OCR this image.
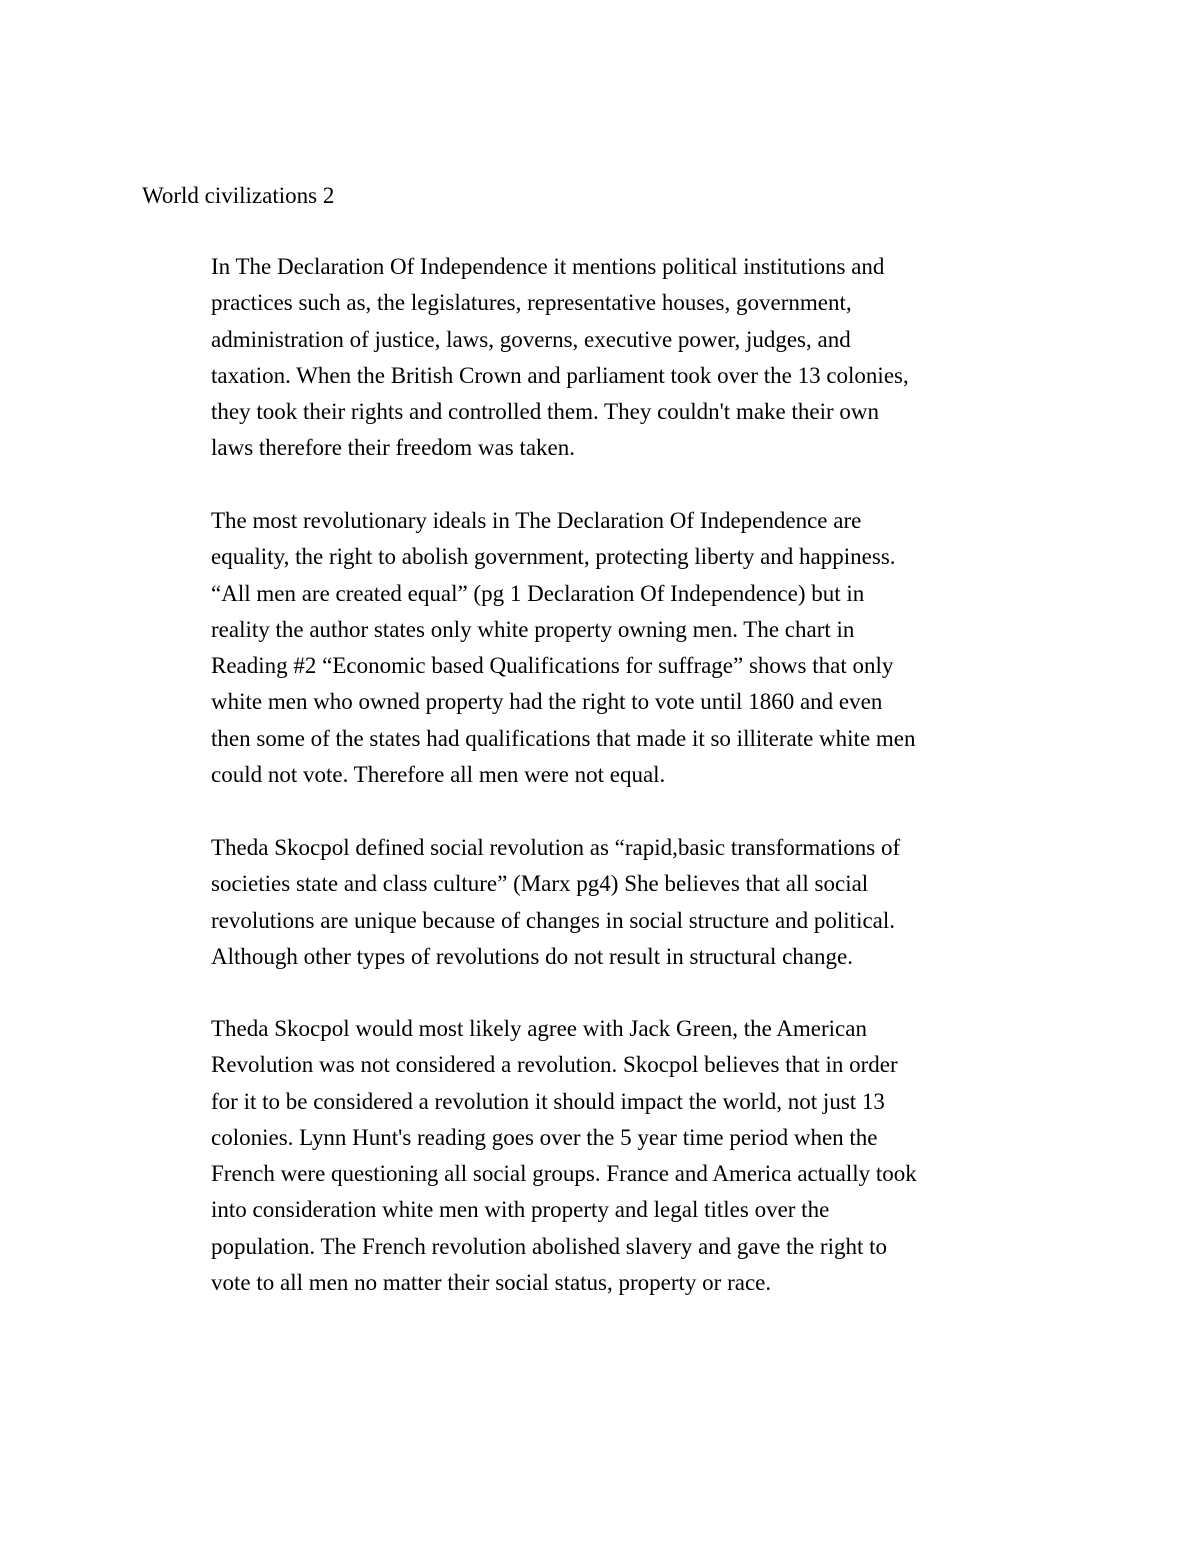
World civilizations 2

In The Declaration Of Independence it mentions political institutions and
practices such as, the legislatures, representative houses, government,
administration of justice, laws, governs, executive power, judges, and
taxation. When the British Crown and parliament took over the 13 colonies,
they took their rights and controlled them. They couldn't make their own
laws therefore their freedom was taken.

The most revolutionary ideals in The Declaration Of Independence are
equality, the right to abolish government, protecting liberty and happiness.
“All men are created equal” (pg 1 Declaration Of Independence) but in
reality the author states only white property owning men. The chart in
Reading #2 “Economic based Qualifications for suffrage” shows that only
white men who owned property had the right to vote until 1860 and even
then some of the states had qualifications that made it so illiterate white men
could not vote. Therefore all men were not equal.

Theda Skocpol defined social revolution as “rapid,basic transformations of
societies state and class culture” (Marx pg4) She believes that all social
revolutions are unique because of changes in social structure and political.
Although other types of revolutions do not result in structural change.

Theda Skocpol would most likely agree with Jack Green, the American
Revolution was not considered a revolution. Skocpol believes that in order
for it to be considered a revolution it should impact the world, not just 13
colonies. Lynn Hunt's reading goes over the 5 year time period when the
French were questioning all social groups. France and America actually took
into consideration white men with property and legal titles over the
population. The French revolution abolished slavery and gave the right to
vote to all men no matter their social status, property or race.
